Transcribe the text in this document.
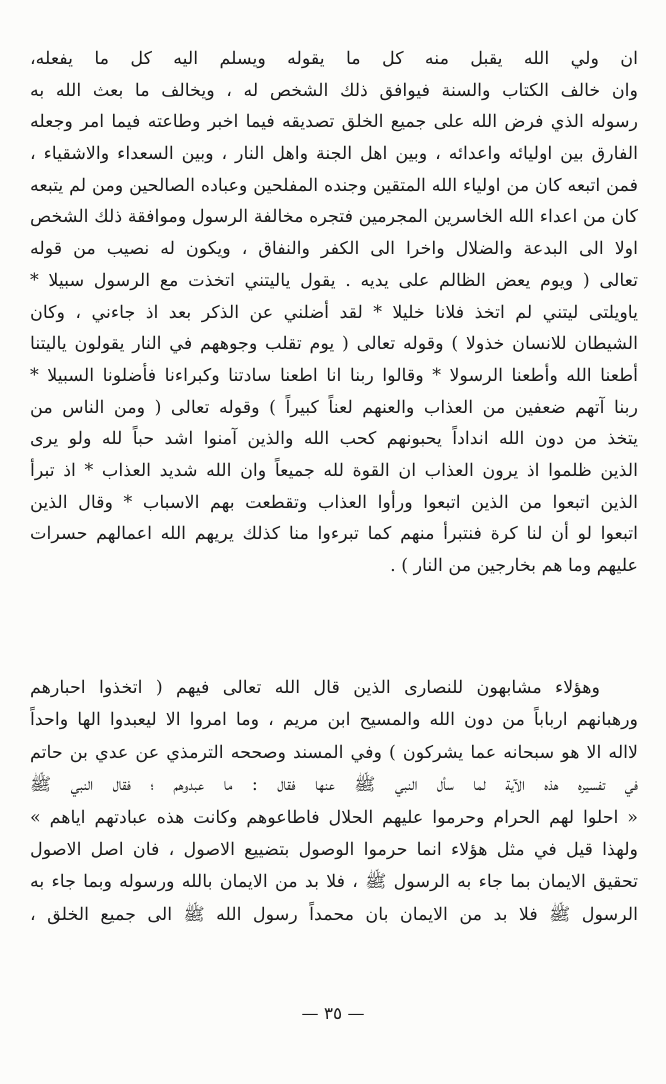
ان ولي الله يقبل منه كل ما يقوله ويسلم اليه كل ما يفعله،
وان خالف الكتاب والسنة فيوافق ذلك الشخص له ، ويخالف ما بعث الله به
رسوله الذي فرض الله على جميع الخلق تصديقه فيما اخبر وطاعته فيما امر وجعله
الفارق بين اوليائه واعدائه ، وبين اهل الجنة واهل النار ، وبين السعداء والاشقياء ،
فمن اتبعه كان من اولياء الله المتقين وجنده المفلحين وعباده الصالحين ومن لم يتبعه
كان من اعداء الله الخاسرين المجرمين فتجره مخالفة الرسول وموافقة ذلك الشخص
اولا الى البدعة والضلال واخرا الى الكفر والنفاق ، ويكون له نصيب من قوله
تعالى ( ويوم يعض الظالم على يديه . يقول ياليتني اتخذت مع الرسول سبيلا *
ياويلتى ليتني لم اتخذ فلانا خليلا * لقد أضلني عن الذكر بعد اذ جاءني ، وكان
الشيطان للانسان خذولا ) وقوله تعالى ( يوم تقلب وجوههم في النار يقولون ياليتنا
أطعنا الله وأطعنا الرسولا * وقالوا ربنا انا اطعنا سادتنا وكبراءنا فأضلونا السبيلا *
ربنا آتهم ضعفين من العذاب والعنهم لعناً كبيراً ) وقوله تعالى ( ومن الناس من
يتخذ من دون الله انداداً يحبونهم كحب الله والذين آمنوا اشد حباً لله ولو يرى
الذين ظلموا اذ يرون العذاب ان القوة لله جميعاً وان الله شديد العذاب * اذ تبرأ
الذين اتبعوا من الذين اتبعوا ورأوا العذاب وتقطعت بهم الاسباب * وقال الذين
اتبعوا لو أن لنا كرة فنتبرأ منهم كما تبرءوا منا كذلك يريهم الله اعمالهم حسرات
عليهم وما هم بخارجين من النار ) .
وهؤلاء مشابهون للنصارى الذين قال الله تعالى فيهم ( اتخذوا احبارهم
ورهبانهم ارباباً من دون الله والمسيح ابن مريم ، وما امروا الا ليعبدوا الها واحداً
لااله الا هو سبحانه عما يشركون ) وفي المسند وصححه الترمذي عن عدي بن حاتم
في تفسيره هذه الآية لما سأل النبي ﷺ عنها فقال : ما عبدوهم ؛ فقال النبي ﷺ
« احلوا لهم الحرام وحرموا عليهم الحلال فاطاعوهم وكانت هذه عبادتهم اياهم »
ولهذا قيل في مثل هؤلاء انما حرموا الوصول بتضييع الاصول ، فان اصل الاصول
تحقيق الايمان بما جاء به الرسول ﷺ ، فلا بد من الايمان بالله ورسوله وبما جاء به
الرسول ﷺ فلا بد من الايمان بان محمداً رسول الله ﷺ الى جميع الخلق ،
— ٣٥ —
